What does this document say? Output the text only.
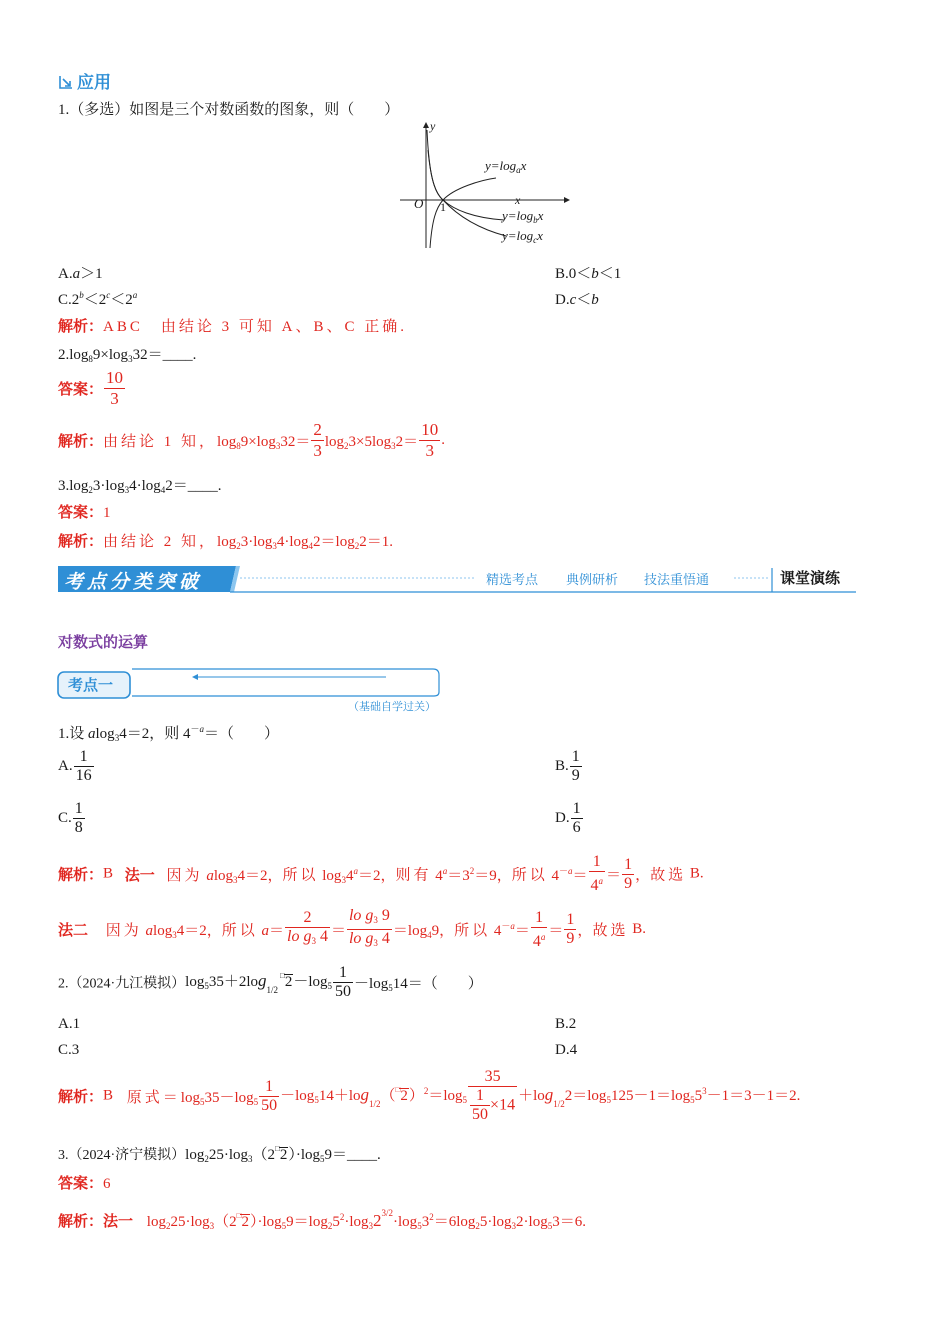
应用
1.（多选）如图是三个对数函数的图象，则（　　）
y
x
O 1
$y=\log_ax$
$y=\log_bx$
$y=\log_cx$
A.a＞1	B.0＜b＜1
$C.2^b<2^c<2^a$	D.c＜b
解析：ABC　由结论 3 可知 A、B、C 正确.
$2.\log_89\times\log_332=\_\_\_\_$.
答案： $\frac{10}{3}$
解析：由结论 1 知，$\log_89\times\log_332= \frac{2}{3} \log_23\times 5\log_32= \frac{10}{3}$ .
$3.\log_23\cdot\log_34\cdot\log_42=\_\_\_\_$.
答案：1
解析：由结论 2 知，$\log_23\cdot\log_34\cdot\log_42=\log_22=1$.
考点分类突破	精选考点 典例研析 技法重悟通	课堂演练
对数式的运算
考点一
（基础自学过关）
1.设 alog$_3$4＝2，则 $4^{-a}=$（　　）
A. $\frac{1}{16}$	B. $\frac{1}{9}$
C. $\frac{1}{8}$	D. $\frac{1}{6}$
解析：B 法一 因为 alog$_3$4＝2，所以 $\log_34^a=2$，则有 $4^a=3^2=9$，所以 $4^{-a}= \frac{1}{4^a} = \frac{1}{9}$ ，故选 B.
法二 因为 alog$_3$4＝2，所以 $a= \frac{2}{lo g_3 4} = \frac{lo g_3 9}{lo g_3 4} =\log_49$，所以 $4^{-a}= \frac{1}{4^a} = \frac{1}{9}$ ，故选 B.
2.（2024·九江模拟）$\log_535+2\log_{1/2}^□2-\log_5 \frac{1}{50} -\log_514=$（　　）
A.1	B.2
C.3	D.4
解析：B 原式$=\log_535-\log_5 \frac{1}{50} -\log_514+\log_{1/2}(^□2)^2=\log_5 \frac{35}{\frac{1}{50} \times 14} +\log_{1/2}2=\log_5125-1=\log_55^3-1=3-1=2$.
3.（2024·济宁模拟）$\log_225\cdot\log_3(2^□2)\cdot\log_59=\_\_\_\_$.
答案：6
解析：法一 $\log_225\cdot\log_3(2^□2)\cdot\log_59=\log_25^2\cdot\log_32^{3/2}\cdot\log_53^2=6\log_25\cdot\log_32\cdot\log_53=6$.
